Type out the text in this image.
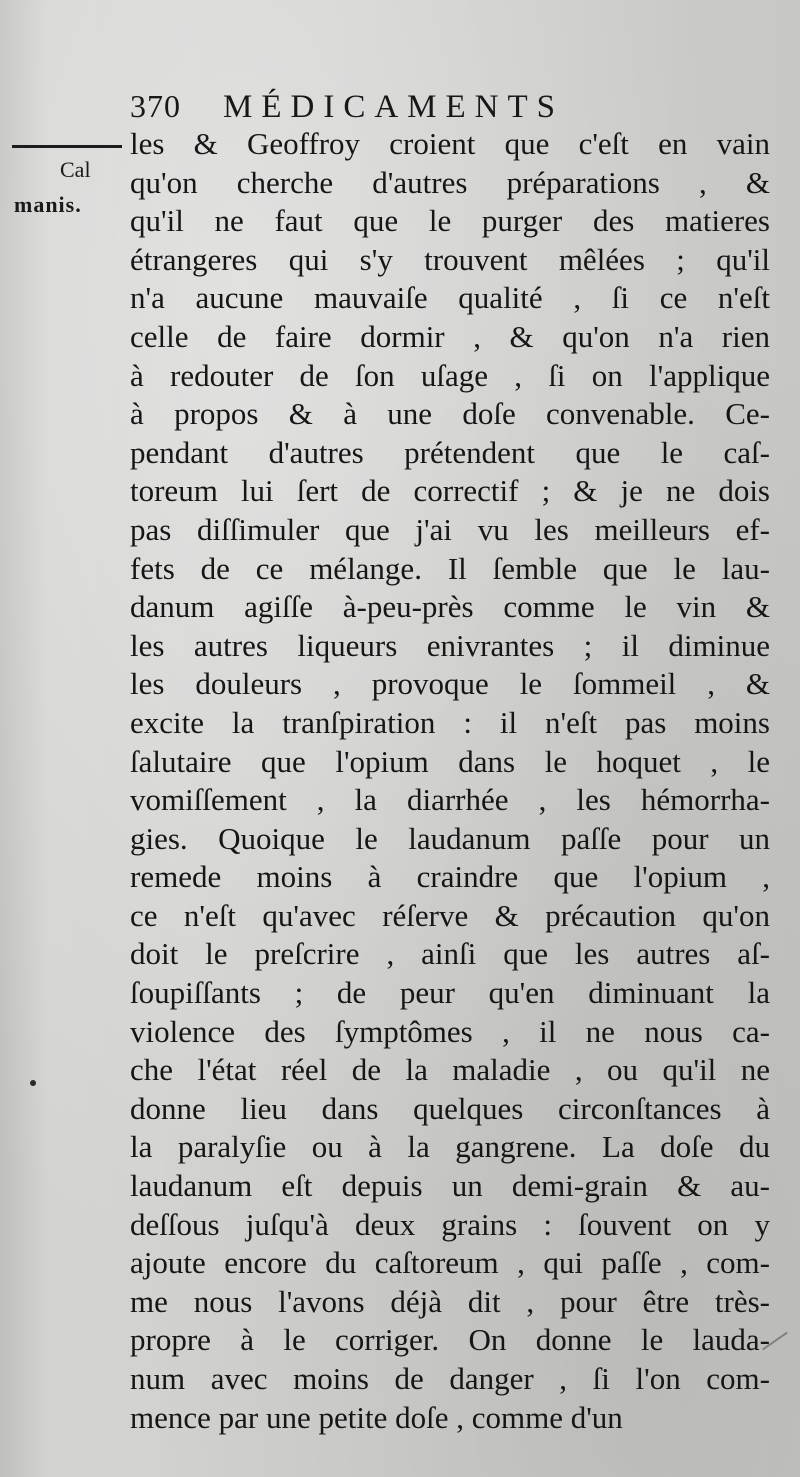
370 MÉDICAMENTS
Cal
manis.
les & Geoffroy croient que c'eſt en vain
qu'on cherche d'autres préparations , &
qu'il ne faut que le purger des matieres
étrangeres qui s'y trouvent mêlées ; qu'il
n'a aucune mauvaiſe qualité , ſi ce n'eſt
celle de faire dormir , & qu'on n'a rien
à redouter de ſon uſage , ſi on l'applique
à propos & à une doſe convenable. Ce-
pendant d'autres prétendent que le caſ-
toreum lui ſert de correctif ; & je ne dois
pas diſſimuler que j'ai vu les meilleurs ef-
fets de ce mélange. Il ſemble que le lau-
danum agiſſe à-peu-près comme le vin &
les autres liqueurs enivrantes ; il diminue
les douleurs , provoque le ſommeil , &
excite la tranſpiration : il n'eſt pas moins
ſalutaire que l'opium dans le hoquet , le
vomiſſement , la diarrhée , les hémorrha-
gies. Quoique le laudanum paſſe pour un
remede moins à craindre que l'opium ,
ce n'eſt qu'avec réſerve & précaution qu'on
doit le preſcrire , ainſi que les autres aſ-
ſoupiſſants ; de peur qu'en diminuant la
violence des ſymptômes , il ne nous ca-
che l'état réel de la maladie , ou qu'il ne
donne lieu dans quelques circonſtances à
la paralyſie ou à la gangrene. La doſe du
laudanum eſt depuis un demi-grain & au-
deſſous juſqu'à deux grains : ſouvent on y
ajoute encore du caſtoreum , qui paſſe , com-
me nous l'avons déjà dit , pour être très-
propre à le corriger. On donne le lauda-
num avec moins de danger , ſi l'on com-
mence par une petite doſe , comme d'un
